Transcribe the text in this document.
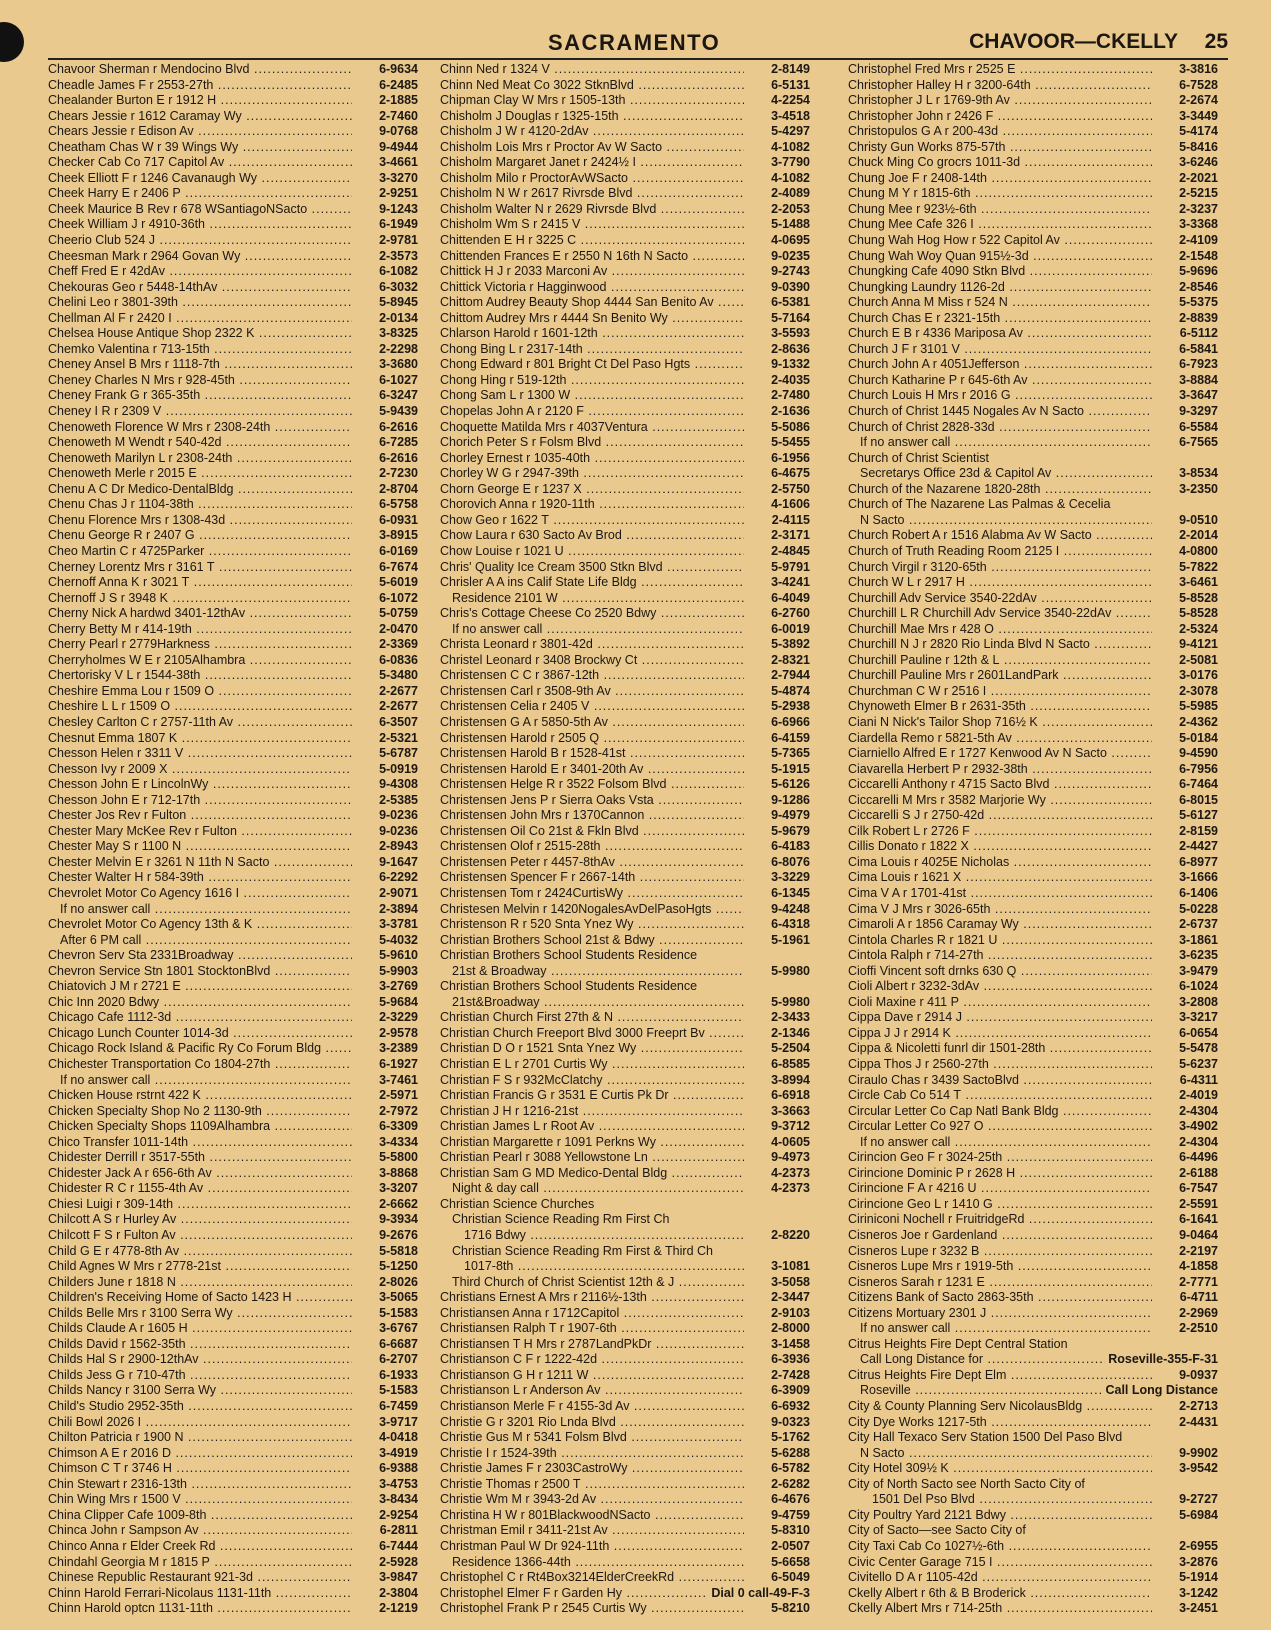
SACRAMENTO	CHAVOOR—CKELLY 25
Chavoor Sherman r Mendocino Blvd .....	6-9634
Cheadle James F r 2553-27th .....	6-2485
Chealander Burton E r 1912 H .....	2-1885
Chears Jessie r 1612 Caramay Wy .....	2-7460
Chears Jessie r Edison Av .....	9-0768
Cheatham Chas W r 39 Wings Wy .....	9-4944
Checker Cab Co 717 Capitol Av .....	3-4661
Cheek Elliott F r 1246 Cavanaugh Wy .....	3-3270
Cheek Harry E r 2406 P .....	2-9251
Cheek Maurice B Rev r 678 WSantiagoNSacto .....	9-1243
Cheek William J r 4910-36th .....	6-1949
Cheerio Club 524 J .....	2-9781
Cheesman Mark r 2964 Govan Wy .....	2-3573
Cheff Fred E r 42dAv .....	6-1082
Chekouras Geo r 5448-14thAv .....	6-3032
Chelini Leo r 3801-39th .....	5-8945
Chellman Al F r 2420 I .....	2-0134
Chelsea House Antique Shop 2322 K .....	3-8325
Chemko Valentina r 713-15th .....	2-2298
Cheney Ansel B Mrs r 1118-7th .....	3-3680
Cheney Charles N Mrs r 928-45th .....	6-1027
Cheney Frank G r 365-35th .....	6-3247
Cheney I R r 2309 V .....	5-9439
Chenoweth Florence W Mrs r 2308-24th .....	6-2616
Chenoweth M Wendt r 540-42d .....	6-7285
Chenoweth Marilyn L r 2308-24th .....	6-2616
Chenoweth Merle r 2015 E .....	2-7230
Chenu A C Dr Medico-DentalBldg .....	2-8704
Chenu Chas J r 1104-38th .....	6-5758
Chenu Florence Mrs r 1308-43d .....	6-0931
Chenu George R r 2407 G .....	3-8915
Cheo Martin C r 4725Parker .....	6-0169
Cherney Lorentz Mrs r 3161 T .....	6-7674
Chernoff Anna K r 3021 T .....	5-6019
Chernoff J S r 3948 K .....	6-1072
Cherny Nick A hardwd 3401-12thAv .....	5-0759
Cherry Betty M r 414-19th .....	2-0470
Cherry Pearl r 2779Harkness .....	2-3369
Cherryholmes W E r 2105Alhambra .....	6-0836
Chertorisky V L r 1544-38th .....	5-3480
Cheshire Emma Lou r 1509 O .....	2-2677
Cheshire L L r 1509 O .....	2-2677
Chesley Carlton C r 2757-11th Av .....	6-3507
Chesnut Emma 1807 K .....	2-5321
Chesson Helen r 3311 V .....	5-6787
Chesson Ivy r 2009 X .....	5-0919
Chesson John E r LincolnWy .....	9-4308
Chesson John E r 712-17th .....	2-5385
Chester Jos Rev r Fulton .....	9-0236
Chester Mary McKee Rev r Fulton .....	9-0236
Chester May S r 1100 N .....	2-8943
Chester Melvin E r 3261 N 11th N Sacto .....	9-1647
Chester Walter H r 584-39th .....	6-2292
Chevrolet Motor Co Agency 1616 I .....	2-9071
If no answer call .....	2-3894
Chevrolet Motor Co Agency 13th & K .....	3-3781
After 6 PM call .....	5-4032
Chevron Serv Sta 2331Broadway .....	5-9610
Chevron Service Stn 1801 StocktonBlvd .....	5-9903
Chiatovich J M r 2721 E .....	3-2769
Chic Inn 2020 Bdwy .....	5-9684
Chicago Cafe 1112-3d .....	2-3229
Chicago Lunch Counter 1014-3d .....	2-9578
Chicago Rock Island & Pacific Ry Co Forum Bldg .....	3-2389
Chichester Transportation Co 1804-27th .....	6-1927
If no answer call .....	3-7461
Chicken House rstrnt 422 K .....	2-5971
Chicken Specialty Shop No 2 1130-9th .....	2-7972
Chicken Specialty Shops 1109Alhambra .....	6-3309
Chico Transfer 1011-14th .....	3-4334
Chidester Derrill r 3517-55th .....	5-5800
Chidester Jack A r 656-6th Av .....	3-8868
Chidester R C r 1155-4th Av .....	3-3207
Chiesi Luigi r 309-14th .....	2-6662
Chilcott A S r Hurley Av .....	9-3934
Chilcott F S r Fulton Av .....	9-2676
Child G E r 4778-8th Av .....	5-5818
Child Agnes W Mrs r 2778-21st .....	5-1250
Childers June r 1818 N .....	2-8026
Children's Receiving Home of Sacto 1423 H .....	3-5065
Childs Belle Mrs r 3100 Serra Wy .....	5-1583
Childs Claude A r 1605 H .....	3-6767
Childs David r 1562-35th .....	6-6687
Childs Hal S r 2900-12thAv .....	6-2707
Childs Jess G r 710-47th .....	6-1933
Childs Nancy r 3100 Serra Wy .....	5-1583
Child's Studio 2952-35th .....	6-7459
Chili Bowl 2026 I .....	3-9717
Chilton Patricia r 1900 N .....	4-0418
Chimson A E r 2016 D .....	3-4919
Chimson C T r 3746 H .....	6-9388
Chin Stewart r 2316-13th .....	3-4753
Chin Wing Mrs r 1500 V .....	3-8434
China Clipper Cafe 1009-8th .....	2-9254
Chinca John r Sampson Av .....	6-2811
Chinco Anna r Elder Creek Rd .....	6-7444
Chindahl Georgia M r 1815 P .....	2-5928
Chinese Republic Restaurant 921-3d .....	3-9847
Chinn Harold Ferrari-Nicolaus 1131-11th .....	2-3804
Chinn Harold optcn 1131-11th .....	2-1219
Chinn Ned r 1324 V .....	2-8149
Chinn Ned Meat Co 3022 StknBlvd .....	6-5131
Chipman Clay W Mrs r 1505-13th .....	4-2254
Chisholm J Douglas r 1325-15th .....	3-4518
Chisholm J W r 4120-2dAv .....	5-4297
Chisholm Lois Mrs r Proctor Av W Sacto .....	4-1082
Chisholm Margaret Janet r 2424½ I .....	3-7790
Chisholm Milo r ProctorAvWSacto .....	4-1082
Chisholm N W r 2617 Rivrsde Blvd .....	2-4089
Chisholm Walter N r 2629 Rivrsde Blvd .....	2-2053
Chisholm Wm S r 2415 V .....	5-1488
Chittenden E H r 3225 C .....	4-0695
Chittenden Frances E r 2550 N 16th N Sacto .....	9-0235
Chittick H J r 2033 Marconi Av .....	9-2743
Chittick Victoria r Hagginwood .....	9-0390
Chittom Audrey Beauty Shop 4444 San Benito Av .....	6-5381
Chittom Audrey Mrs r 4444 Sn Benito Wy .....	5-7164
Chlarson Harold r 1601-12th .....	3-5593
Chong Bing L r 2317-14th .....	2-8636
Chong Edward r 801 Bright Ct Del Paso Hgts .....	9-1332
Chong Hing r 519-12th .....	2-4035
Chong Sam L r 1300 W .....	2-7480
Chopelas John A r 2120 F .....	2-1636
Choquette Matilda Mrs r 4037Ventura .....	5-5086
Chorich Peter S r Folsm Blvd .....	5-5455
Chorley Ernest r 1035-40th .....	6-1956
Chorley W G r 2947-39th .....	6-4675
Chorn George E r 1237 X .....	2-5750
Chorovich Anna r 1920-11th .....	4-1606
Chow Geo r 1622 T .....	2-4115
Chow Laura r 630 Sacto Av Brod .....	2-3171
Chow Louise r 1021 U .....	2-4845
Chris' Quality Ice Cream 3500 Stkn Blvd .....	5-9791
Chrisler A A ins Calif State Life Bldg .....	3-4241
Residence 2101 W .....	6-4049
Chris's Cottage Cheese Co 2520 Bdwy .....	6-2760
If no answer call .....	6-0019
Christa Leonard r 3801-42d .....	5-3892
Christel Leonard r 3408 Brockwy Ct .....	2-8321
Christensen C C r 3867-12th .....	2-7944
Christensen Carl r 3508-9th Av .....	5-4874
Christensen Celia r 2405 V .....	5-2938
Christensen G A r 5850-5th Av .....	6-6966
Christensen Harold r 2505 Q .....	6-4159
Christensen Harold B r 1528-41st .....	5-7365
Christensen Harold E r 3401-20th Av .....	5-1915
Christensen Helge R r 3522 Folsom Blvd .....	5-6126
Christensen Jens P r Sierra Oaks Vsta .....	9-1286
Christensen John Mrs r 1370Cannon .....	9-4979
Christensen Oil Co 21st & Fkln Blvd .....	5-9679
Christensen Olof r 2515-28th .....	6-4183
Christensen Peter r 4457-8thAv .....	6-8076
Christensen Spencer F r 2667-14th .....	3-3229
Christensen Tom r 2424CurtisWy .....	6-1345
Christesen Melvin r 1420NogalesAvDelPasoHgts .....	9-4248
Christenson R r 520 Snta Ynez Wy .....	6-4318
Christian Brothers School 21st & Bdwy .....	5-1961
Christian Brothers School Students Residence
21st & Broadway .....	5-9980
Christian Brothers School Students Residence
21st&Broadway .....	5-9980
Christian Church First 27th & N .....	2-3433
Christian Church Freeport Blvd 3000 Freeprt Bv .....	2-1346
Christian D O r 1521 Snta Ynez Wy .....	5-2504
Christian E L r 2701 Curtis Wy .....	6-8585
Christian F S r 932McClatchy .....	3-8994
Christian Francis G r 3531 E Curtis Pk Dr .....	6-6918
Christian J H r 1216-21st .....	3-3663
Christian James L r Root Av .....	9-3712
Christian Margarette r 1091 Perkns Wy .....	4-0605
Christian Pearl r 3088 Yellowstone Ln .....	9-4973
Christian Sam G MD Medico-Dental Bldg .....	4-2373
Night & day call .....	4-2373
Christian Science Churches
Christian Science Reading Rm First Ch
1716 Bdwy .....	2-8220
Christian Science Reading Rm First & Third Ch
1017-8th .....	3-1081
Third Church of Christ Scientist 12th & J .....	3-5058
Christians Ernest A Mrs r 2116½-13th .....	2-3447
Christiansen Anna r 1712Capitol .....	2-9103
Christiansen Ralph T r 1907-6th .....	2-8000
Christiansen T H Mrs r 2787LandPkDr .....	3-1458
Christianson C F r 1222-42d .....	6-3936
Christianson G H r 1211 W .....	2-7428
Christianson L r Anderson Av .....	6-3909
Christianson Merle F r 4155-3d Av .....	6-6932
Christie G r 3201 Rio Lnda Blvd .....	9-0323
Christie Gus M r 5341 Folsm Blvd .....	5-1762
Christie I r 1524-39th .....	5-6288
Christie James F r 2303CastroWy .....	6-5782
Christie Thomas r 2500 T .....	2-6282
Christie Wm M r 3943-2d Av .....	6-4676
Christina H W r 801BlackwoodNSacto .....	9-4759
Christman Emil r 3411-21st Av .....	5-8310
Christman Paul W Dr 924-11th .....	2-0507
Residence 1366-44th .....	5-6658
Christophel C r Rt4Box3214ElderCreekRd .....	6-5049
Christophel Elmer F r Garden Hy .....	Dial 0 call-49-F-3
Christophel Frank P r 2545 Curtis Wy .....	5-8210
Christophel Fred Mrs r 2525 E .....	3-3816
Christopher Halley H r 3200-64th .....	6-7528
Christopher J L r 1769-9th Av .....	2-2674
Christopher John r 2426 F .....	3-3449
Christopulos G A r 200-43d .....	5-4174
Christy Gun Works 875-57th .....	5-8416
Chuck Ming Co grocrs 1011-3d .....	3-6246
Chung Joe F r 2408-14th .....	2-2021
Chung M Y r 1815-6th .....	2-5215
Chung Mee r 923½-6th .....	2-3237
Chung Mee Cafe 326 I .....	3-3368
Chung Wah Hog How r 522 Capitol Av .....	2-4109
Chung Wah Woy Quan 915½-3d .....	2-1548
Chungking Cafe 4090 Stkn Blvd .....	5-9696
Chungking Laundry 1126-2d .....	2-8546
Church Anna M Miss r 524 N .....	5-5375
Church Chas E r 2321-15th .....	2-8839
Church E B r 4336 Mariposa Av .....	6-5112
Church J F r 3101 V .....	6-5841
Church John A r 4051Jefferson .....	6-7923
Church Katharine P r 645-6th Av .....	3-8884
Church Louis H Mrs r 2016 G .....	3-3647
Church of Christ 1445 Nogales Av N Sacto .....	9-3297
Church of Christ 2828-33d .....	6-5584
If no answer call .....	6-7565
Church of Christ Scientist
Secretarys Office 23d & Capitol Av .....	3-8534
Church of the Nazarene 1820-28th .....	3-2350
Church of The Nazarene Las Palmas & Cecelia
N Sacto .....	9-0510
Church Robert A r 1516 Alabma Av W Sacto .....	2-2014
Church of Truth Reading Room 2125 I .....	4-0800
Church Virgil r 3120-65th .....	5-7822
Church W L r 2917 H .....	3-6461
Churchill Adv Service 3540-22dAv .....	5-8528
Churchill L R Churchill Adv Service 3540-22dAv .....	5-8528
Churchill Mae Mrs r 428 O .....	2-5324
Churchill N J r 2820 Rio Linda Blvd N Sacto .....	9-4121
Churchill Pauline r 12th & L .....	2-5081
Churchill Pauline Mrs r 2601LandPark .....	3-0176
Churchman C W r 2516 I .....	2-3078
Chynoweth Elmer B r 2631-35th .....	5-5985
Ciani N Nick's Tailor Shop 716½ K .....	2-4362
Ciardella Remo r 5821-5th Av .....	5-0184
Ciarniello Alfred E r 1727 Kenwood Av N Sacto .....	9-4590
Ciavarella Herbert P r 2932-38th .....	6-7956
Ciccarelli Anthony r 4715 Sacto Blvd .....	6-7464
Ciccarelli M Mrs r 3582 Marjorie Wy .....	6-8015
Ciccarelli S J r 2750-42d .....	5-6127
Cilk Robert L r 2726 F .....	2-8159
Cillis Donato r 1822 X .....	2-4427
Cima Louis r 4025E Nicholas .....	6-8977
Cima Louis r 1621 X .....	3-1666
Cima V A r 1701-41st .....	6-1406
Cima V J Mrs r 3026-65th .....	5-0228
Cimaroli A r 1856 Caramay Wy .....	2-6737
Cintola Charles R r 1821 U .....	3-1861
Cintola Ralph r 714-27th .....	3-6235
Cioffi Vincent soft drnks 630 Q .....	3-9479
Cioli Albert r 3232-3dAv .....	6-1024
Cioli Maxine r 411 P .....	3-2808
Cippa Dave r 2914 J .....	3-3217
Cippa J J r 2914 K .....	6-0654
Cippa & Nicoletti funrl dir 1501-28th .....	5-5478
Cippa Thos J r 2560-27th .....	5-6237
Ciraulo Chas r 3439 SactoBlvd .....	6-4311
Circle Cab Co 514 T .....	2-4019
Circular Letter Co Cap Natl Bank Bldg .....	2-4304
Circular Letter Co 927 O .....	3-4902
If no answer call .....	2-4304
Cirincion Geo F r 3024-25th .....	6-4496
Cirincione Dominic P r 2628 H .....	2-6188
Cirincione F A r 4216 U .....	6-7547
Cirincione Geo L r 1410 G .....	2-5591
Ciriniconi Nochell r FruitridgeRd .....	6-1641
Cisneros Joe r Gardenland .....	9-0464
Cisneros Lupe r 3232 B .....	2-2197
Cisneros Lupe Mrs r 1919-5th .....	4-1858
Cisneros Sarah r 1231 E .....	2-7771
Citizens Bank of Sacto 2863-35th .....	6-4711
Citizens Mortuary 2301 J .....	2-2969
If no answer call .....	2-2510
Citrus Heights Fire Dept Central Station
Call Long Distance for .....	Roseville-355-F-31
Citrus Heights Fire Dept Elm .....	9-0937
Roseville .....	Call Long Distance
City & County Planning Serv NicolausBldg .....	2-2713
City Dye Works 1217-5th .....	2-4431
City Hall Texaco Serv Station 1500 Del Paso Blvd
N Sacto .....	9-9902
City Hotel 309½ K .....	3-9542
City of North Sacto see North Sacto City of
1501 Del Pso Blvd .....	9-2727
City Poultry Yard 2121 Bdwy .....	5-6984
City of Sacto—see Sacto City of
City Taxi Cab Co 1027½-6th .....	2-6955
Civic Center Garage 715 I .....	3-2876
Civitello D A r 1105-42d .....	5-1914
Ckelly Albert r 6th & B Broderick .....	3-1242
Ckelly Albert Mrs r 714-25th .....	3-2451
